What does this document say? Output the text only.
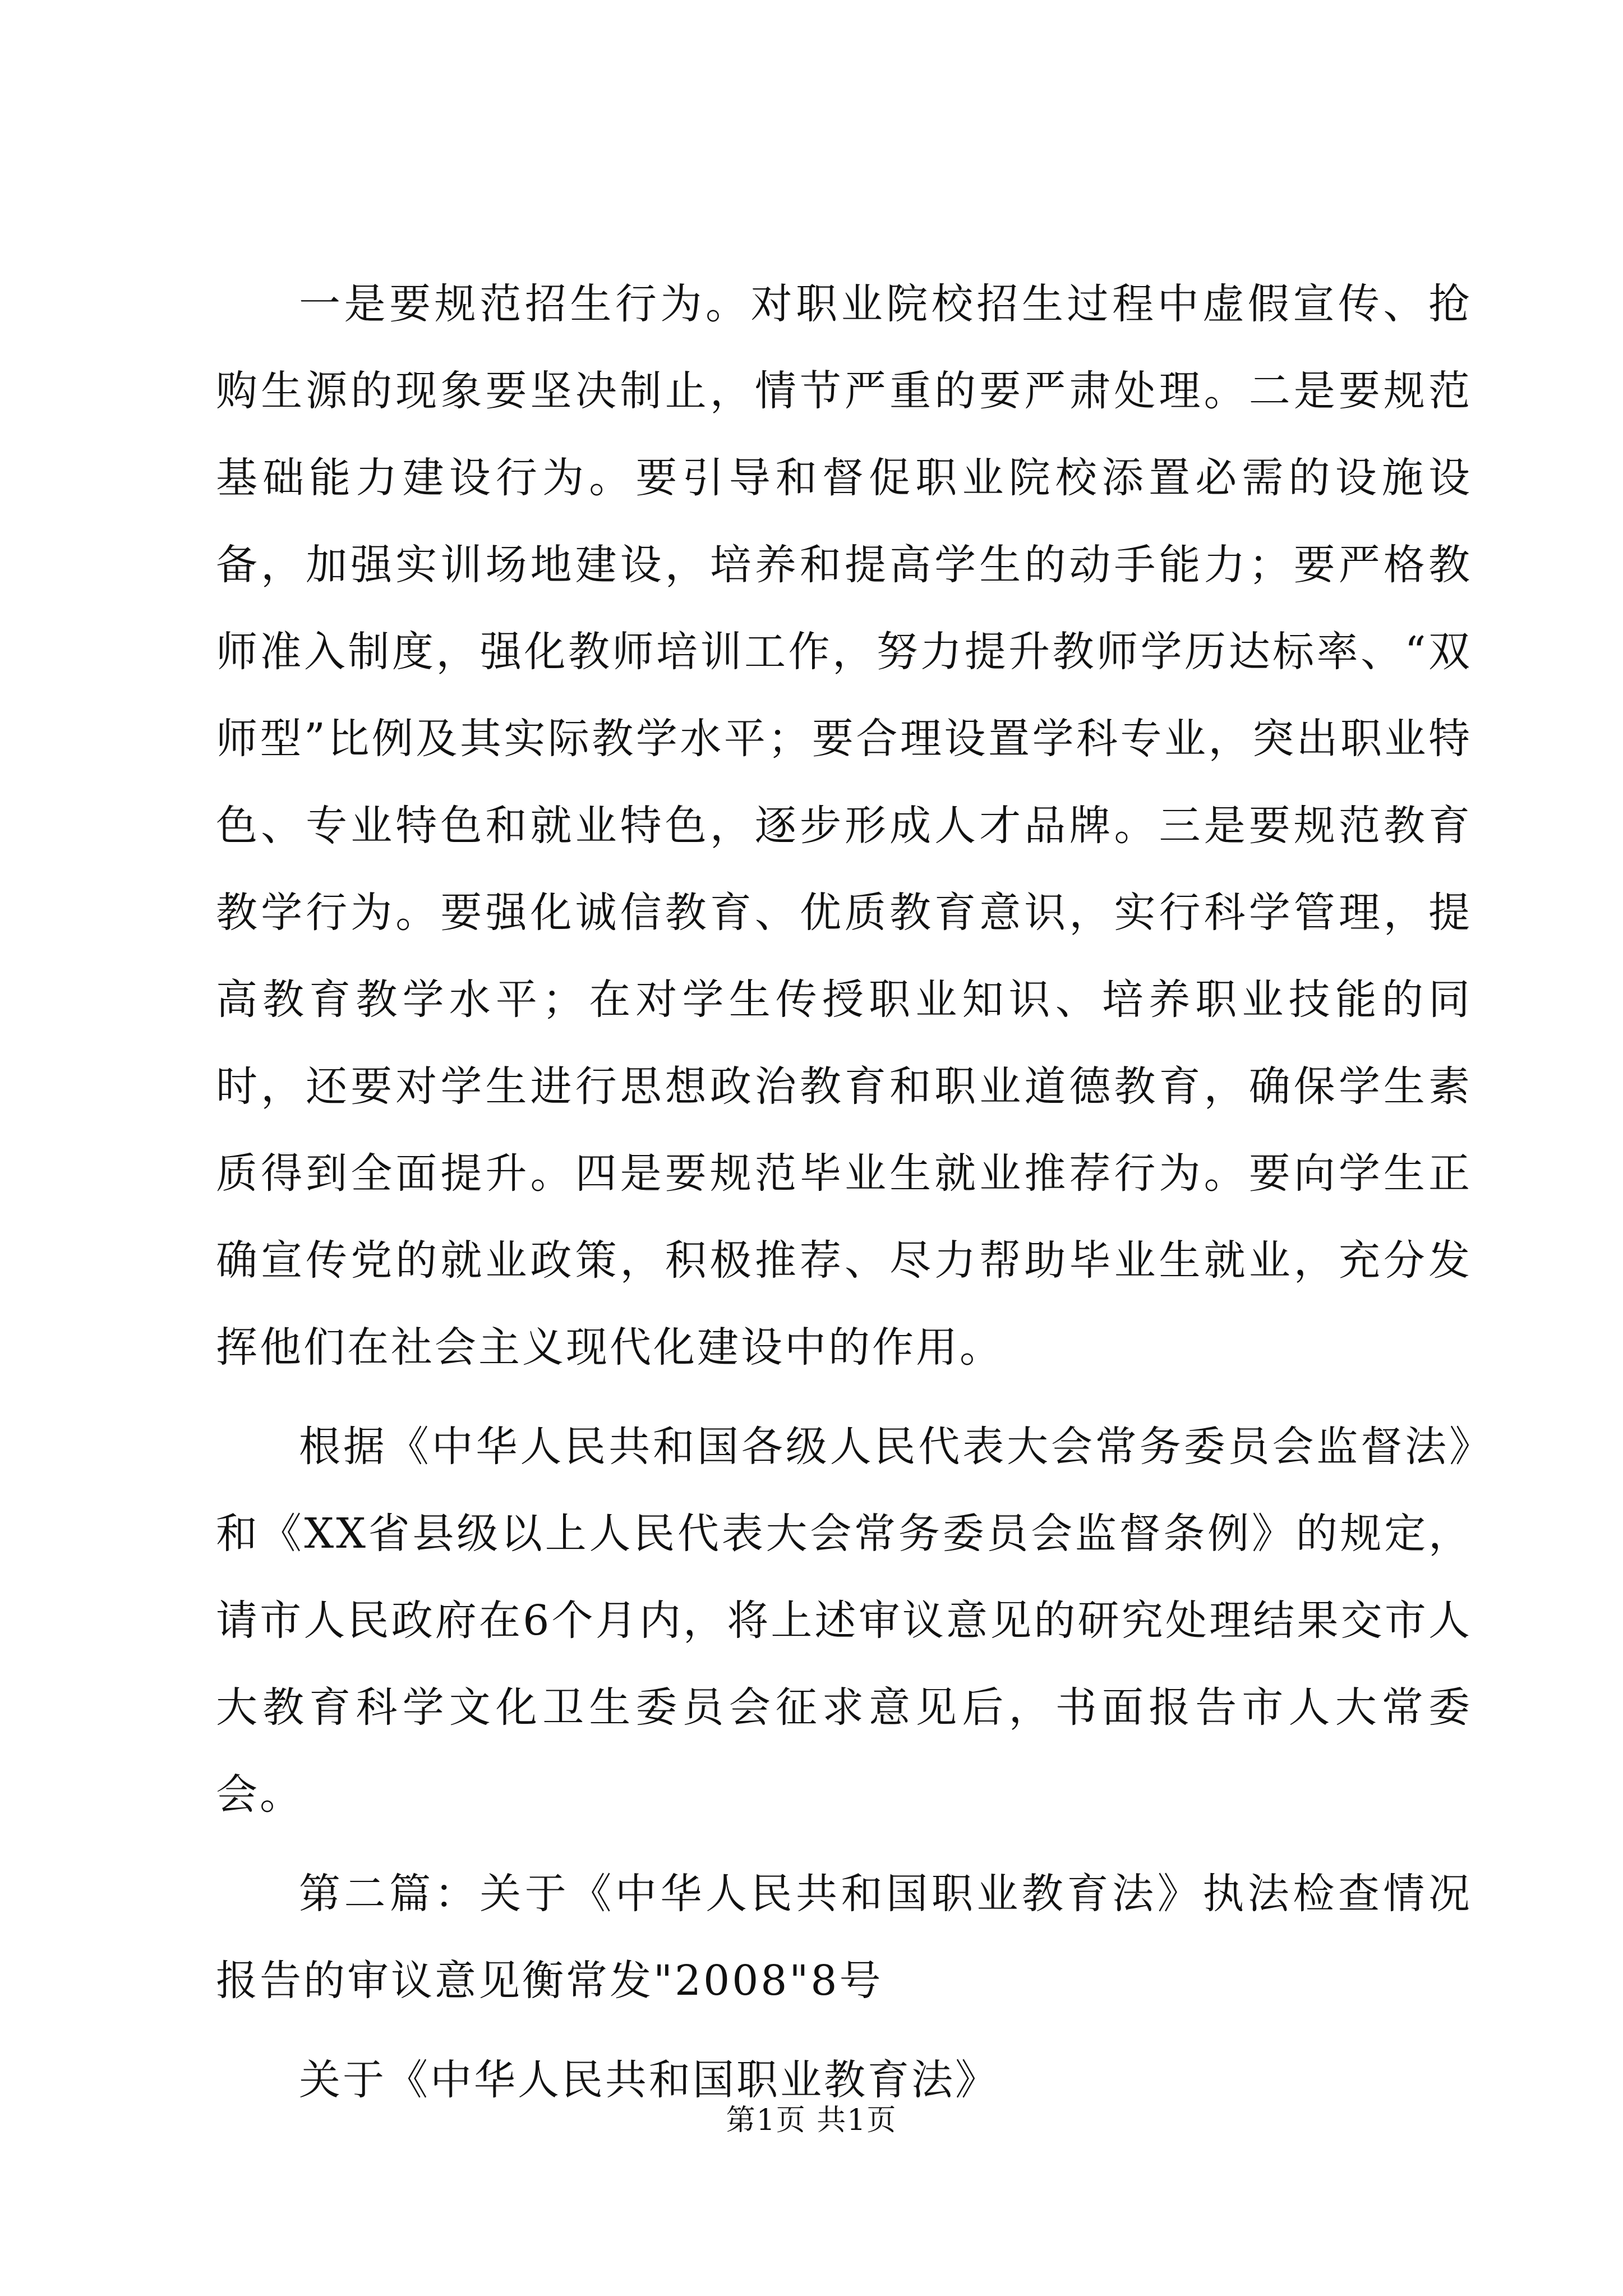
一是要规范招生行为。对职业院校招生过程中虚假宣传、抢购生源的现象要坚决制止，情节严重的要严肃处理。二是要规范基础能力建设行为。要引导和督促职业院校添置必需的设施设备，加强实训场地建设，培养和提高学生的动手能力；要严格教师准入制度，强化教师培训工作，努力提升教师学历达标率、“双师型”比例及其实际教学水平；要合理设置学科专业，突出职业特色、专业特色和就业特色，逐步形成人才品牌。三是要规范教育教学行为。要强化诚信教育、优质教育意识，实行科学管理，提高教育教学水平；在对学生传授职业知识、培养职业技能的同时，还要对学生进行思想政治教育和职业道德教育，确保学生素质得到全面提升。四是要规范毕业生就业推荐行为。要向学生正确宣传党的就业政策，积极推荐、尽力帮助毕业生就业，充分发挥他们在社会主义现代化建设中的作用。

根据《中华人民共和国各级人民代表大会常务委员会监督法》和《XX省县级以上人民代表大会常务委员会监督条例》的规定，请市人民政府在6个月内，将上述审议意见的研究处理结果交市人大教育科学文化卫生委员会征求意见后，书面报告市人大常委会。

第二篇：关于《中华人民共和国职业教育法》执法检查情况报告的审议意见衡常发"2008"8号

关于《中华人民共和国职业教育法》

第1页 共1页
